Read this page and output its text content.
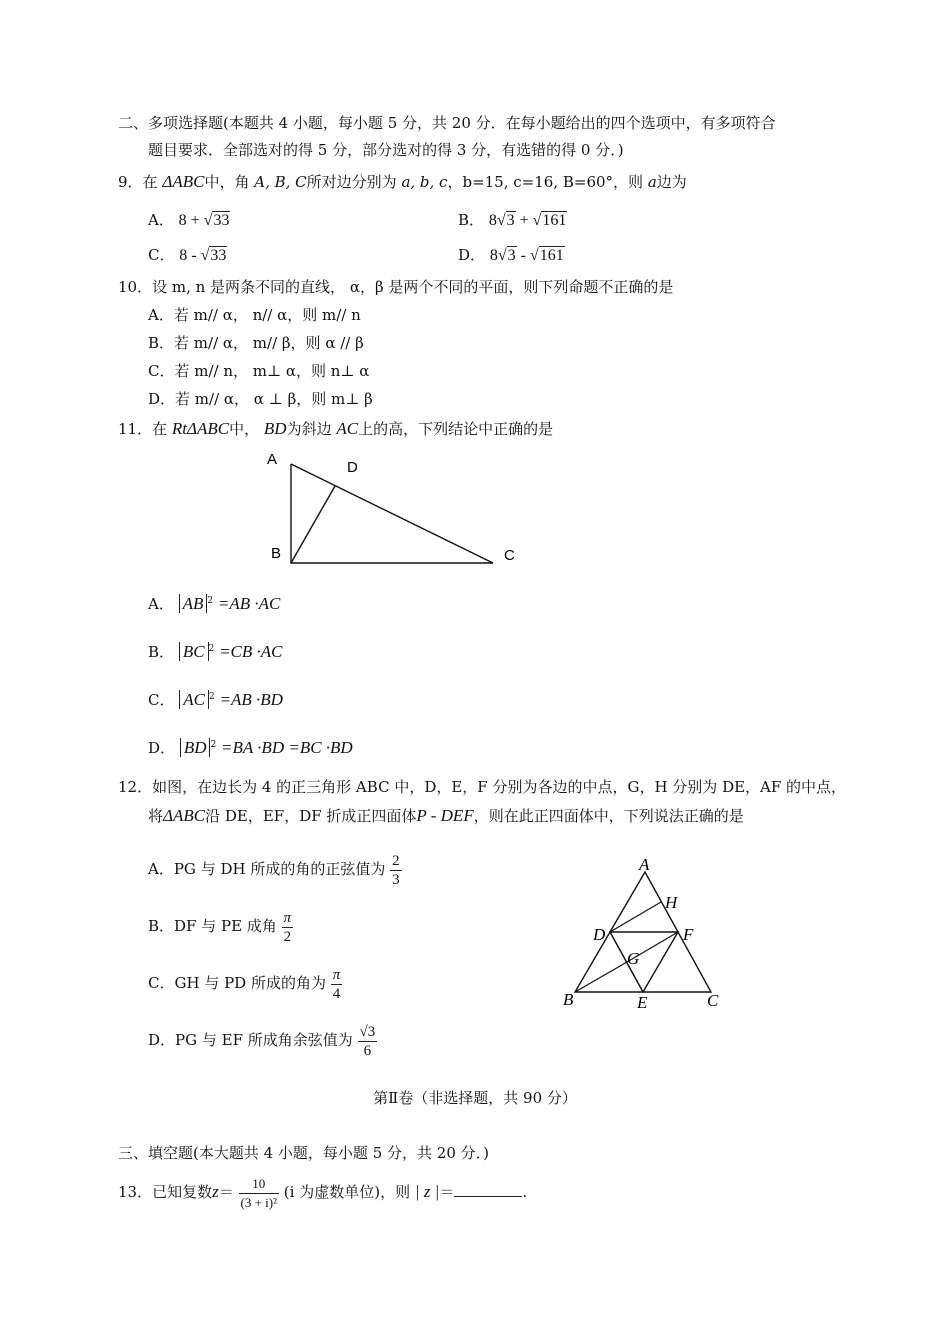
二、多项选择题(本题共 4 小题，每小题 5 分，共 20 分．在每小题给出的四个选项中，有多项符合
题目要求．全部选对的得 5 分，部分选对的得 3 分，有选错的得 0 分．)
9．在 ΔABC中，角 A, B, C所对边分别为 a, b, c，b=15, c=16, B=60°，则 a边为
A． 8 + √33	B． 8√3 + √161
C． 8 - √33	D． 8√3 - √161
10．设 m, n 是两条不同的直线， α，β 是两个不同的平面，则下列命题不正确的是
A．若 m// α， n// α，则 m// n
B．若 m// α， m// β，则 α // β
C．若 m// n， m⊥ α，则 n⊥ α
D．若 m// α， α ⊥ β，则 m⊥ β
11．在 RtΔABC中， BD为斜边 AC上的高，下列结论中正确的是
A	D
B	C
A． AB $^2$ =AB ·AC
B． BC $^2$ =CB ·AC
C． AC $^2$ =AB ·BD
D． BD $^2$ =BA ·BD =BC ·BD
12．如图，在边长为 4 的正三角形 ABC 中，D，E，F 分别为各边的中点，G，H 分别为 DE，AF 的中点，
将ΔABC沿 DE，EF，DF 折成正四面体P - DEF，则在此正四面体中，下列说法正确的是
A．PG 与 DH 所成的角的正弦值为 $\frac{2}{3}$
B．DF 与 PE 成角 $\frac{\pi}{2}$
C．GH 与 PD 所成的角为 $\frac{\pi}{4}$
D．PG 与 EF 所成角余弦值为 $\frac{√3}{6}$
A
H
D	F
G
B	E	C
第Ⅱ卷（非选择题，共 90 分）
三、填空题(本大题共 4 小题，每小题 5 分，共 20 分．)
13．已知复数$z= \frac{10}{\text{(3 + i)²}} (i$ 为虚数单位)，则 | z |＝	.
